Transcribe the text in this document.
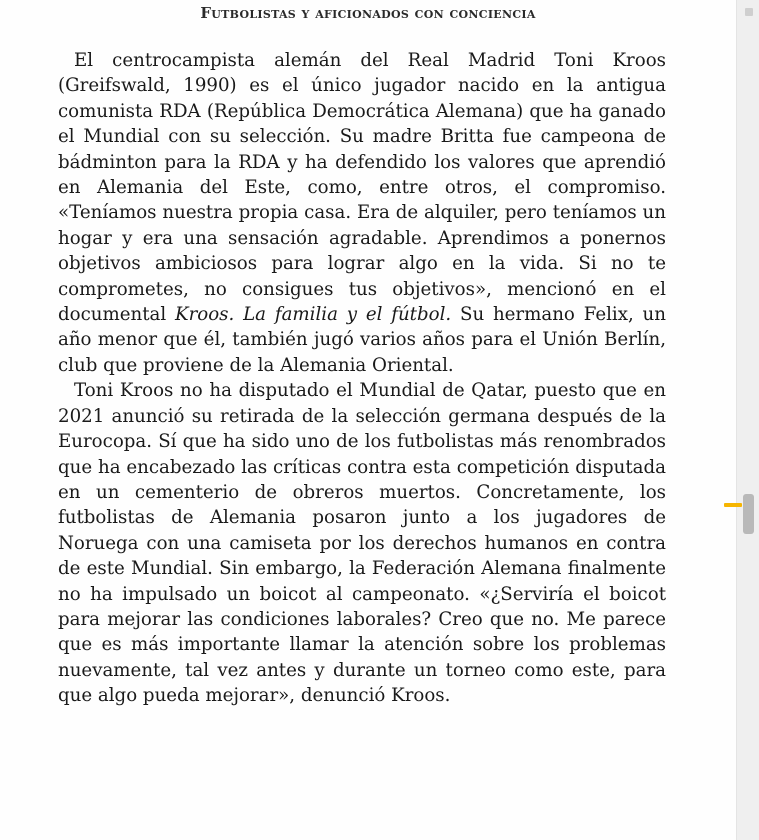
Futbolistas y aficionados con conciencia

El centrocampista alemán del Real Madrid Toni Kroos (Greifswald, 1990) es el único jugador nacido en la antigua comunista RDA (República Democrática Alemana) que ha ganado el Mundial con su selección. Su madre Britta fue campeona de bádminton para la RDA y ha defendido los valores que aprendió en Alemania del Este, como, entre otros, el compromiso. «Teníamos nuestra propia casa. Era de alquiler, pero teníamos un hogar y era una sensación agradable. Aprendimos a ponernos objetivos ambiciosos para lograr algo en la vida. Si no te comprometes, no consigues tus objetivos», mencionó en el documental Kroos. La familia y el fútbol. Su hermano Felix, un año menor que él, también jugó varios años para el Unión Berlín, club que proviene de la Alemania Oriental.

Toni Kroos no ha disputado el Mundial de Qatar, puesto que en 2021 anunció su retirada de la selección germana después de la Eurocopa. Sí que ha sido uno de los futbolistas más renombrados que ha encabezado las críticas contra esta competición disputada en un cementerio de obreros muertos. Concretamente, los futbolistas de Alemania posaron junto a los jugadores de Noruega con una camiseta por los derechos humanos en contra de este Mundial. Sin embargo, la Federación Alemana finalmente no ha impulsado un boicot al campeonato. «¿Serviría el boicot para mejorar las condiciones laborales? Creo que no. Me parece que es más importante llamar la atención sobre los problemas nuevamente, tal vez antes y durante un torneo como este, para que algo pueda mejorar», denunció Kroos.
